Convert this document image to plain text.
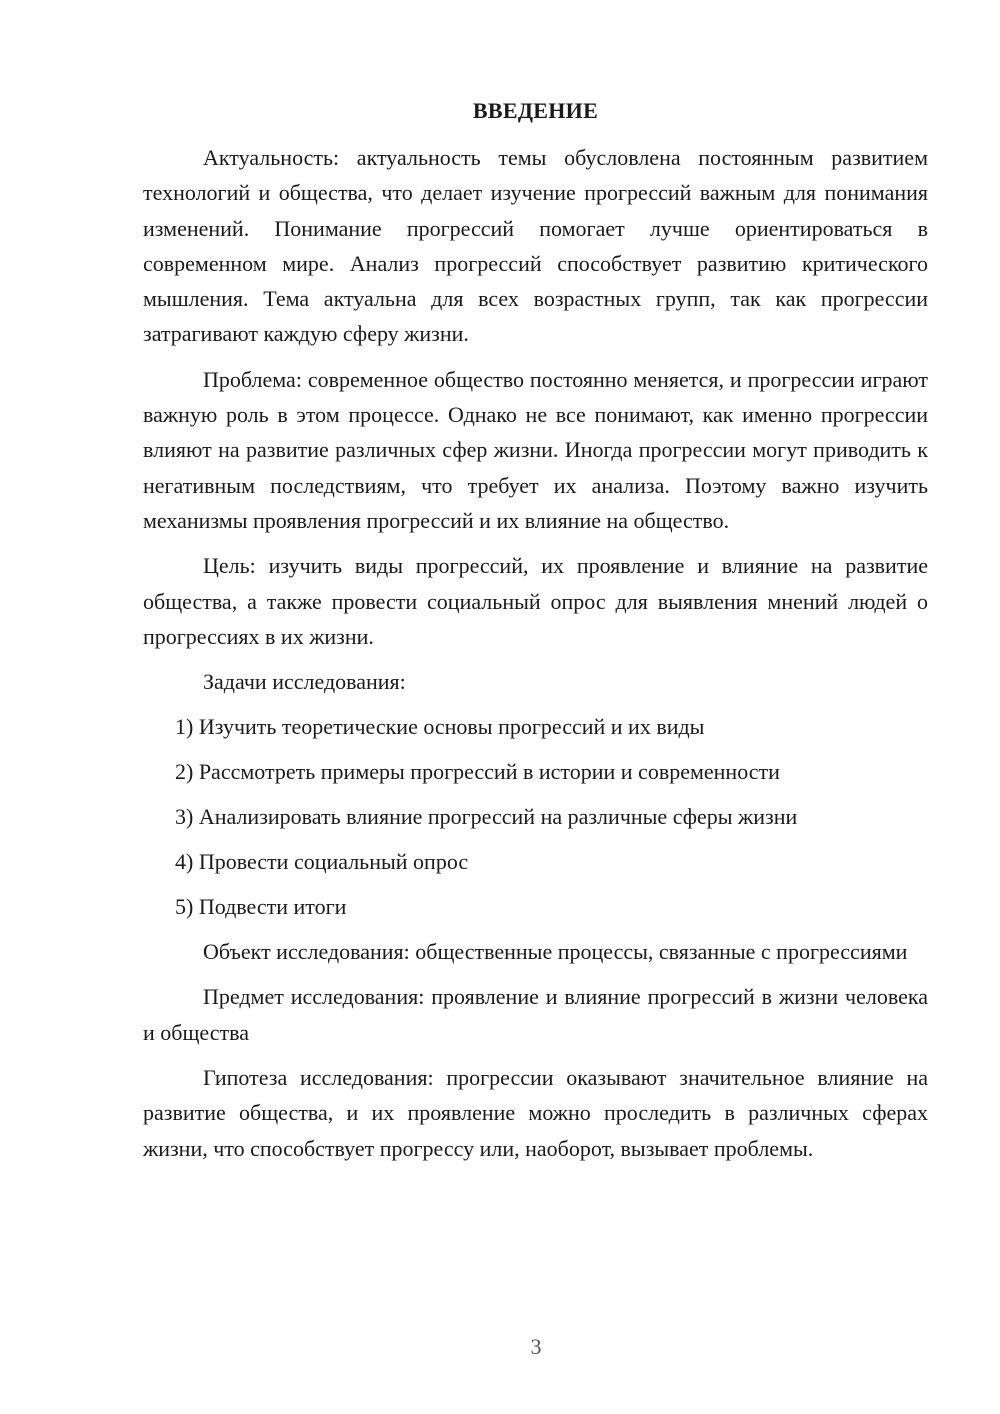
ВВЕДЕНИЕ

Актуальность: актуальность темы обусловлена постоянным развитием технологий и общества, что делает изучение прогрессий важным для понимания изменений. Понимание прогрессий помогает лучше ориентироваться в современном мире. Анализ прогрессий способствует развитию критического мышления. Тема актуальна для всех возрастных групп, так как прогрессии затрагивают каждую сферу жизни.

Проблема: современное общество постоянно меняется, и прогрессии играют важную роль в этом процессе. Однако не все понимают, как именно прогрессии влияют на развитие различных сфер жизни. Иногда прогрессии могут приводить к негативным последствиям, что требует их анализа. Поэтому важно изучить механизмы проявления прогрессий и их влияние на общество.

Цель: изучить виды прогрессий, их проявление и влияние на развитие общества, а также провести социальный опрос для выявления мнений людей о прогрессиях в их жизни.

Задачи исследования:

1) Изучить теоретические основы прогрессий и их виды
2) Рассмотреть примеры прогрессий в истории и современности
3) Анализировать влияние прогрессий на различные сферы жизни
4) Провести социальный опрос
5) Подвести итоги

Объект исследования: общественные процессы, связанные с прогрессиями

Предмет исследования: проявление и влияние прогрессий в жизни человека и общества

Гипотеза исследования: прогрессии оказывают значительное влияние на развитие общества, и их проявление можно проследить в различных сферах жизни, что способствует прогрессу или, наоборот, вызывает проблемы.

3
